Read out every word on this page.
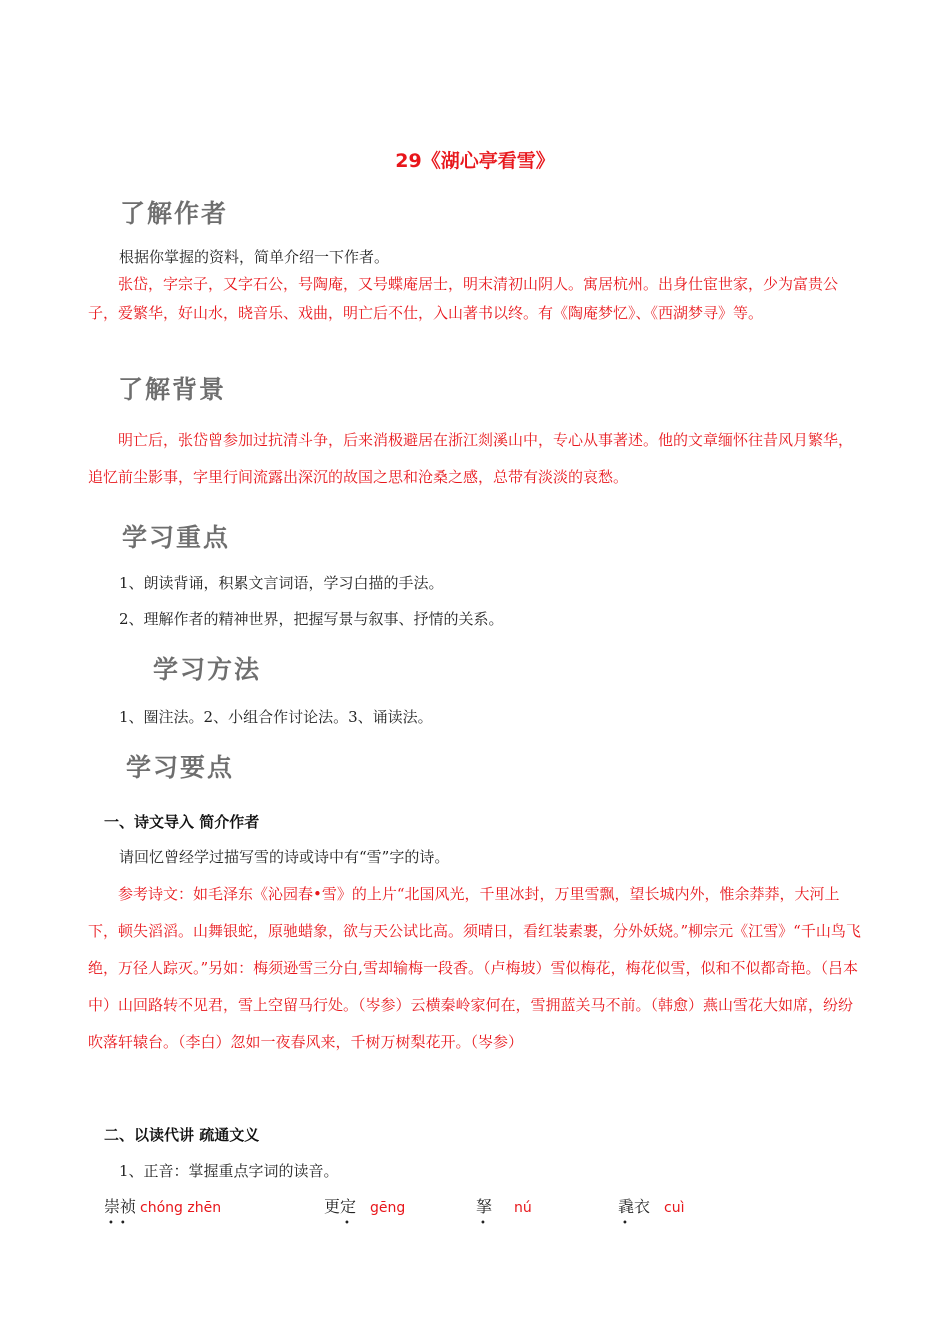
29《湖心亭看雪》
了解作者
根据你掌握的资料，简单介绍一下作者。

张岱，字宗子，又字石公，号陶庵，又号蝶庵居士，明末清初山阴人。寓居杭州。出身仕宦世家，少为富贵公子，爱繁华，好山水，晓音乐、戏曲，明亡后不仕，入山著书以终。有《陶庵梦忆》、《西湖梦寻》等。

了解背景

明亡后，张岱曾参加过抗清斗争，后来消极避居在浙江剡溪山中，专心从事著述。他的文章缅怀往昔风月繁华，追忆前尘影事，字里行间流露出深沉的故国之思和沧桑之感，总带有淡淡的哀愁。

学习重点
1、朗读背诵，积累文言词语，学习白描的手法。
2、理解作者的精神世界，把握写景与叙事、抒情的关系。
学习方法
1、圈注法。2、小组合作讨论法。3、诵读法。
学习要点
一、诗文导入 简介作者
请回忆曾经学过描写雪的诗或诗中有“雪”字的诗。

参考诗文：如毛泽东《沁园春•雪》的上片“北国风光，千里冰封，万里雪飘，望长城内外，惟余莽莽，大河上下，顿失滔滔。山舞银蛇，原驰蜡象，欲与天公试比高。须晴日，看红装素裹，分外妖娆。”柳宗元《江雪》“千山鸟飞绝，万径人踪灭。”另如：梅须逊雪三分白,雪却输梅一段香。（卢梅坡）雪似梅花，梅花似雪，似和不似都奇艳。（吕本中）山回路转不见君，雪上空留马行处。（岑参）云横秦岭家何在，雪拥蓝关马不前。（韩愈）燕山雪花大如席，纷纷吹落轩辕台。（李白）忽如一夜春风来，千树万树梨花开。（岑参）

二、以读代讲 疏通文义
1、正音：掌握重点字词的读音。
崇祯 chóng zhēn
••
更定 gēng
•
拏 nú
•
毳衣 cuì
•
